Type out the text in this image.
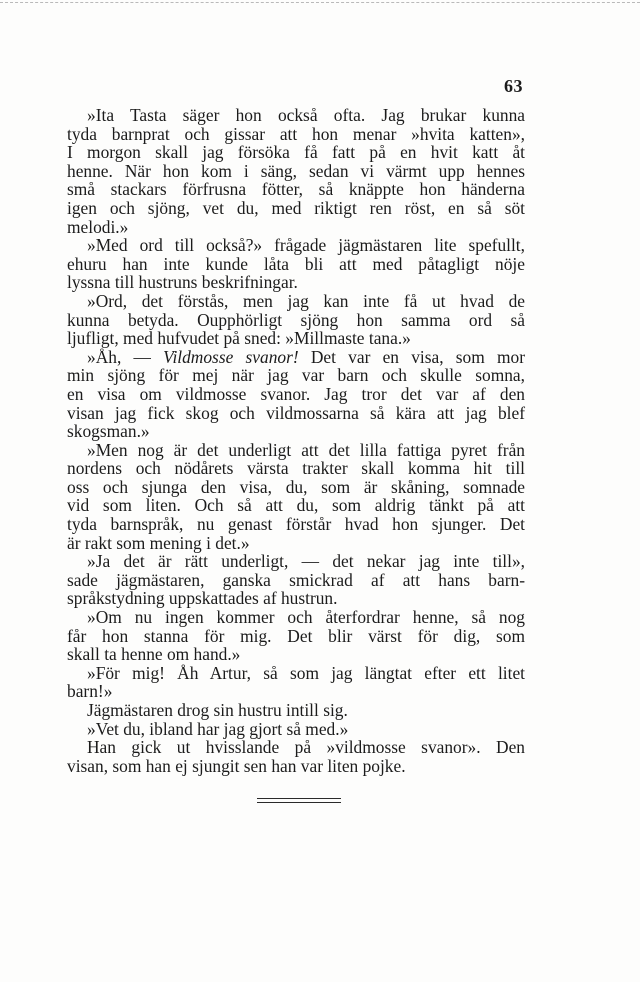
63

»Ita Tasta säger hon också ofta. Jag brukar kunna
tyda barnprat och gissar att hon menar »hvita katten»,
I morgon skall jag försöka få fatt på en hvit katt åt
henne. När hon kom i säng, sedan vi värmt upp hennes
små stackars förfrusna fötter, så knäppte hon händerna
igen och sjöng, vet du, med riktigt ren röst, en så söt
melodi.»

»Med ord till också?» frågade jägmästaren lite spefullt,
ehuru han inte kunde låta bli att med påtagligt nöje
lyssna till hustruns beskrifningar.

»Ord, det förstås, men jag kan inte få ut hvad de
kunna betyda. Oupphörligt sjöng hon samma ord så
ljufligt, med hufvudet på sned: »Millmaste tana.»

»Åh, — Vildmosse svanor! Det var en visa, som mor
min sjöng för mej när jag var barn och skulle somna,
en visa om vildmosse svanor. Jag tror det var af den
visan jag fick skog och vildmossarna så kära att jag blef
skogsman.»

»Men nog är det underligt att det lilla fattiga pyret från
nordens och nödårets värsta trakter skall komma hit till
oss och sjunga den visa, du, som är skåning, somnade
vid som liten. Och så att du, som aldrig tänkt på att
tyda barnspråk, nu genast förstår hvad hon sjunger. Det
är rakt som mening i det.»

»Ja det är rätt underligt, — det nekar jag inte till»,
sade jägmästaren, ganska smickrad af att hans barn-
språkstydning uppskattades af hustrun.

»Om nu ingen kommer och återfordrar henne, så nog
får hon stanna för mig. Det blir värst för dig, som
skall ta henne om hand.»

»För mig! Åh Artur, så som jag längtat efter ett litet
barn!»

Jägmästaren drog sin hustru intill sig.

»Vet du, ibland har jag gjort så med.»

Han gick ut hvisslande på »vildmosse svanor». Den
visan, som han ej sjungit sen han var liten pojke.
